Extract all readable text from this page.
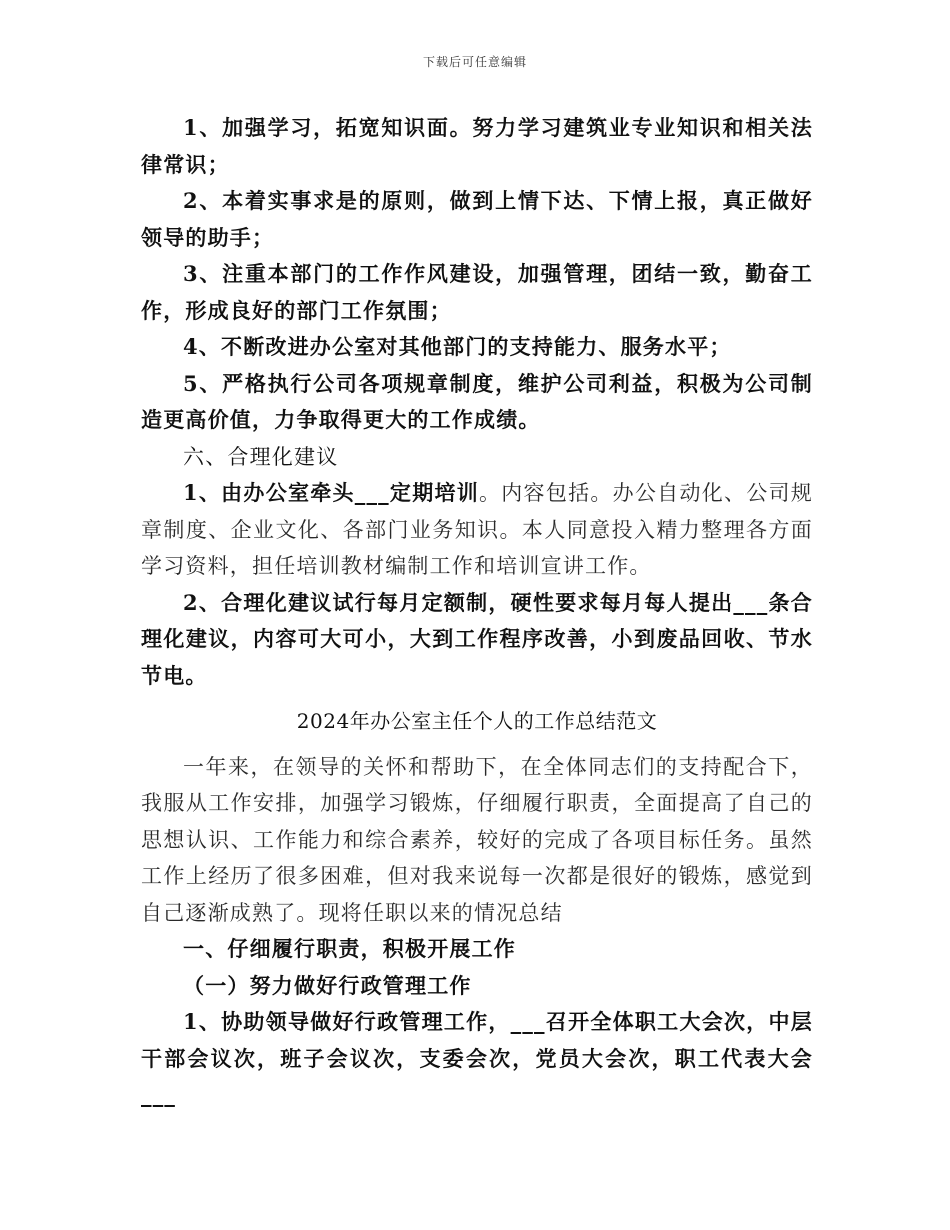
下载后可任意编辑

1、加强学习，拓宽知识面。努力学习建筑业专业知识和相关法律常识；

2、本着实事求是的原则，做到上情下达、下情上报，真正做好领导的助手；

3、注重本部门的工作作风建设，加强管理，团结一致，勤奋工作，形成良好的部门工作氛围；

4、不断改进办公室对其他部门的支持能力、服务水平；

5、严格执行公司各项规章制度，维护公司利益，积极为公司制造更高价值，力争取得更大的工作成绩。

六、合理化建议

1、由办公室牵头___定期培训。内容包括。办公自动化、公司规章制度、企业文化、各部门业务知识。本人同意投入精力整理各方面学习资料，担任培训教材编制工作和培训宣讲工作。

2、合理化建议试行每月定额制，硬性要求每月每人提出___条合理化建议，内容可大可小，大到工作程序改善，小到废品回收、节水节电。

2024年办公室主任个人的工作总结范文

一年来，在领导的关怀和帮助下，在全体同志们的支持配合下，我服从工作安排，加强学习锻炼，仔细履行职责，全面提高了自己的思想认识、工作能力和综合素养，较好的完成了各项目标任务。虽然工作上经历了很多困难，但对我来说每一次都是很好的锻炼，感觉到自己逐渐成熟了。现将任职以来的情况总结

一、仔细履行职责，积极开展工作

（一）努力做好行政管理工作

1、协助领导做好行政管理工作，___召开全体职工大会次，中层干部会议次，班子会议次，支委会次，党员大会次，职工代表大会___
